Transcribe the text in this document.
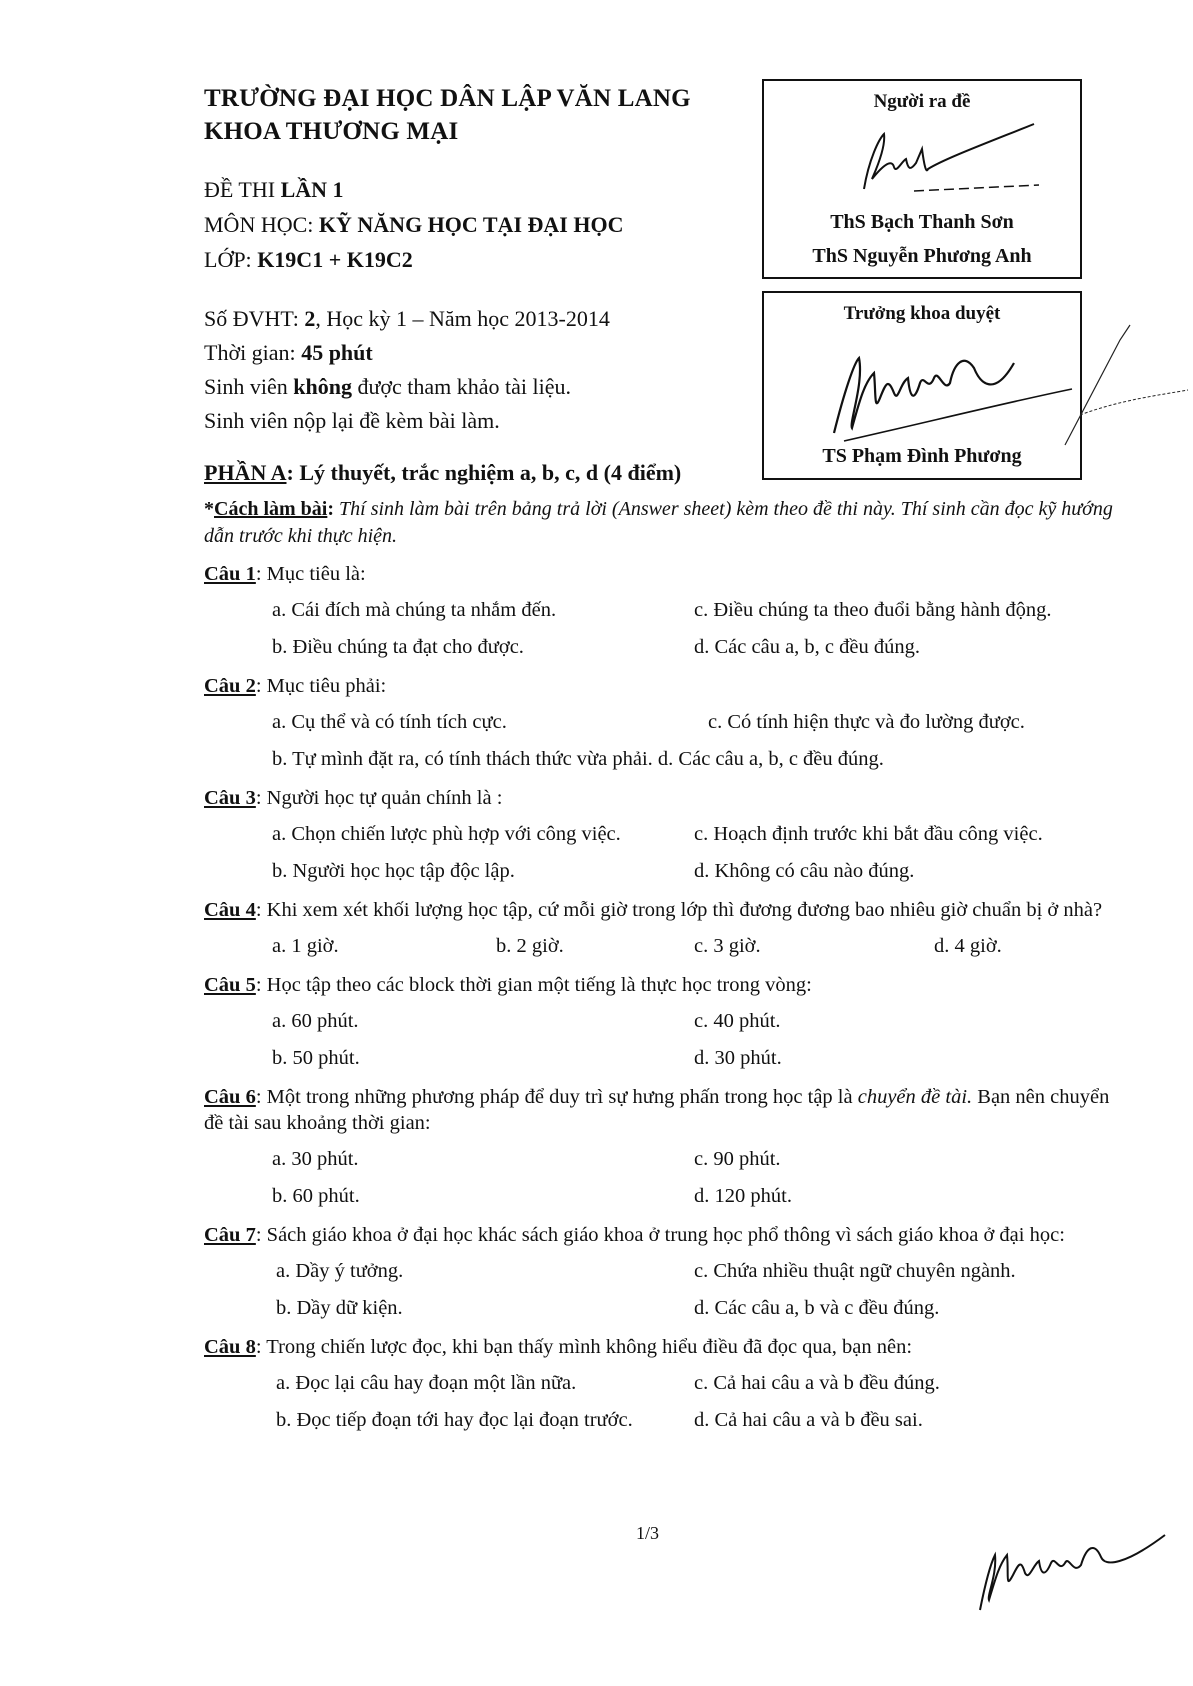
TRƯỜNG ĐẠI HỌC DÂN LẬP VĂN LANG
KHOA THƯƠNG MẠI
ĐỀ THI LẦN 1
MÔN HỌC: KỸ NĂNG HỌC TẠI ĐẠI HỌC
LỚP: K19C1 + K19C2
Số ĐVHT: 2, Học kỳ 1 – Năm học 2013-2014
Thời gian: 45 phút
Sinh viên không được tham khảo tài liệu.
Sinh viên nộp lại đề kèm bài làm.
Người ra đề
ThS Bạch Thanh Sơn
ThS Nguyễn Phương Anh
Trưởng khoa duyệt
TS Phạm Đình Phương
PHẦN A: Lý thuyết, trắc nghiệm a, b, c, d (4 điểm)
*Cách làm bài: Thí sinh làm bài trên bảng trả lời (Answer sheet) kèm theo đề thi này. Thí sinh cần đọc kỹ hướng dẫn trước khi thực hiện.
Câu 1: Mục tiêu là:
a. Cái đích mà chúng ta nhắm đến.	c. Điều chúng ta theo đuổi bằng hành động.
b. Điều chúng ta đạt cho được.	d. Các câu a, b, c đều đúng.
Câu 2: Mục tiêu phải:
a. Cụ thể và có tính tích cực.	c. Có tính hiện thực và đo lường được.
b. Tự mình đặt ra, có tính thách thức vừa phải. d. Các câu a, b, c đều đúng.
Câu 3: Người học tự quản chính là :
a. Chọn chiến lược phù hợp với công việc.	c. Hoạch định trước khi bắt đầu công việc.
b. Người học học tập độc lập.	d. Không có câu nào đúng.
Câu 4: Khi xem xét khối lượng học tập, cứ mỗi giờ trong lớp thì đương đương bao nhiêu giờ chuẩn bị ở nhà?
a. 1 giờ.	b. 2 giờ.	c. 3 giờ.	d. 4 giờ.
Câu 5: Học tập theo các block thời gian một tiếng là thực học trong vòng:
a. 60 phút.	c. 40 phút.
b. 50 phút.	d. 30 phút.
Câu 6: Một trong những phương pháp để duy trì sự hưng phấn trong học tập là chuyển đề tài. Bạn nên chuyển đề tài sau khoảng thời gian:
a. 30 phút.	c. 90 phút.
b. 60 phút.	d. 120 phút.
Câu 7: Sách giáo khoa ở đại học khác sách giáo khoa ở trung học phổ thông vì sách giáo khoa ở đại học:
a. Dầy ý tưởng.	c. Chứa nhiều thuật ngữ chuyên ngành.
b. Dầy dữ kiện.	d. Các câu a, b và c đều đúng.
Câu 8: Trong chiến lược đọc, khi bạn thấy mình không hiểu điều đã đọc qua, bạn nên:
a. Đọc lại câu hay đoạn một lần nữa.	c. Cả hai câu a và b đều đúng.
b. Đọc tiếp đoạn tới hay đọc lại đoạn trước.	d. Cả hai câu a và b đều sai.
1/3
